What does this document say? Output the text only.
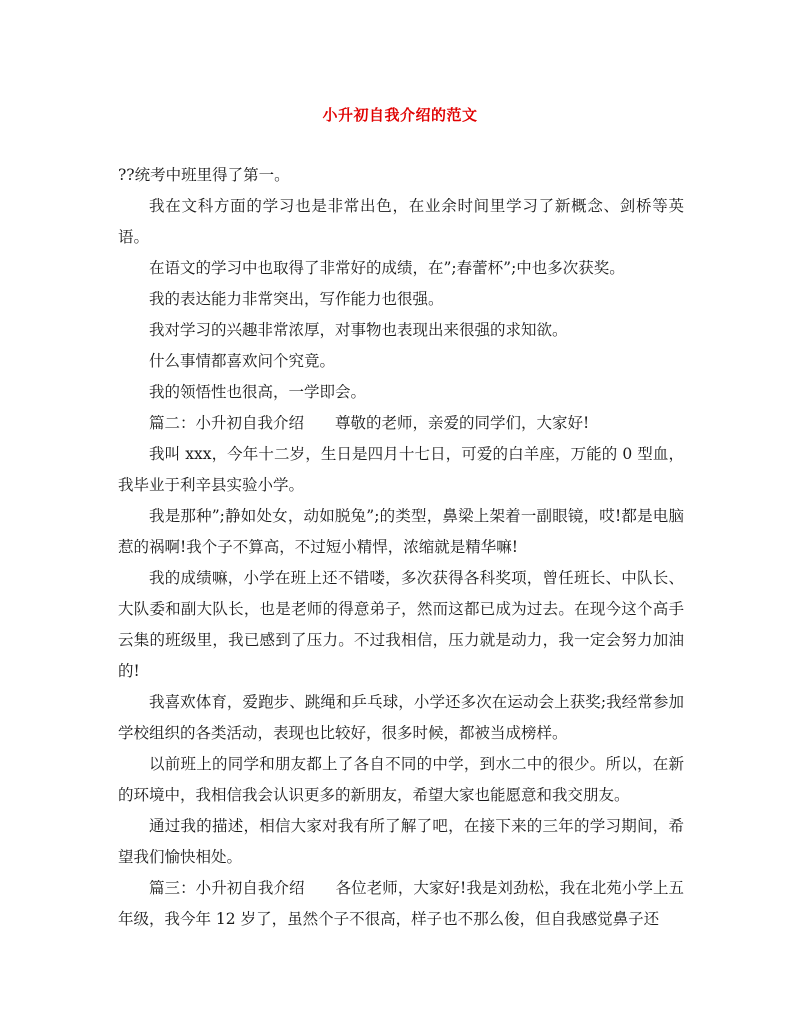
小升初自我介绍的范文

??统考中班里得了第一。

我在文科方面的学习也是非常出色，在业余时间里学习了新概念、剑桥等英语。

在语文的学习中也取得了非常好的成绩，在”;春蕾杯”;中也多次获奖。

我的表达能力非常突出，写作能力也很强。

我对学习的兴趣非常浓厚，对事物也表现出来很强的求知欲。

什么事情都喜欢问个究竟。

我的领悟性也很高，一学即会。

篇二：小升初自我介绍　　尊敬的老师，亲爱的同学们，大家好!

我叫 xxx，今年十二岁，生日是四月十七日，可爱的白羊座，万能的 0 型血，我毕业于利辛县实验小学。

我是那种”;静如处女，动如脱兔”;的类型，鼻梁上架着一副眼镜，哎!都是电脑惹的祸啊!我个子不算高，不过短小精悍，浓缩就是精华嘛!

我的成绩嘛，小学在班上还不错喽，多次获得各科奖项，曾任班长、中队长、大队委和副大队长，也是老师的得意弟子，然而这都已成为过去。在现今这个高手云集的班级里，我已感到了压力。不过我相信，压力就是动力，我一定会努力加油的!

我喜欢体育，爱跑步、跳绳和乒乓球，小学还多次在运动会上获奖;我经常参加学校组织的各类活动，表现也比较好，很多时候，都被当成榜样。

以前班上的同学和朋友都上了各自不同的中学，到水二中的很少。所以，在新的环境中，我相信我会认识更多的新朋友，希望大家也能愿意和我交朋友。

通过我的描述，相信大家对我有所了解了吧，在接下来的三年的学习期间，希望我们愉快相处。

篇三：小升初自我介绍　　各位老师，大家好!我是刘劲松，我在北苑小学上五年级，我今年 12 岁了，虽然个子不很高，样子也不那么俊，但自我感觉鼻子还
